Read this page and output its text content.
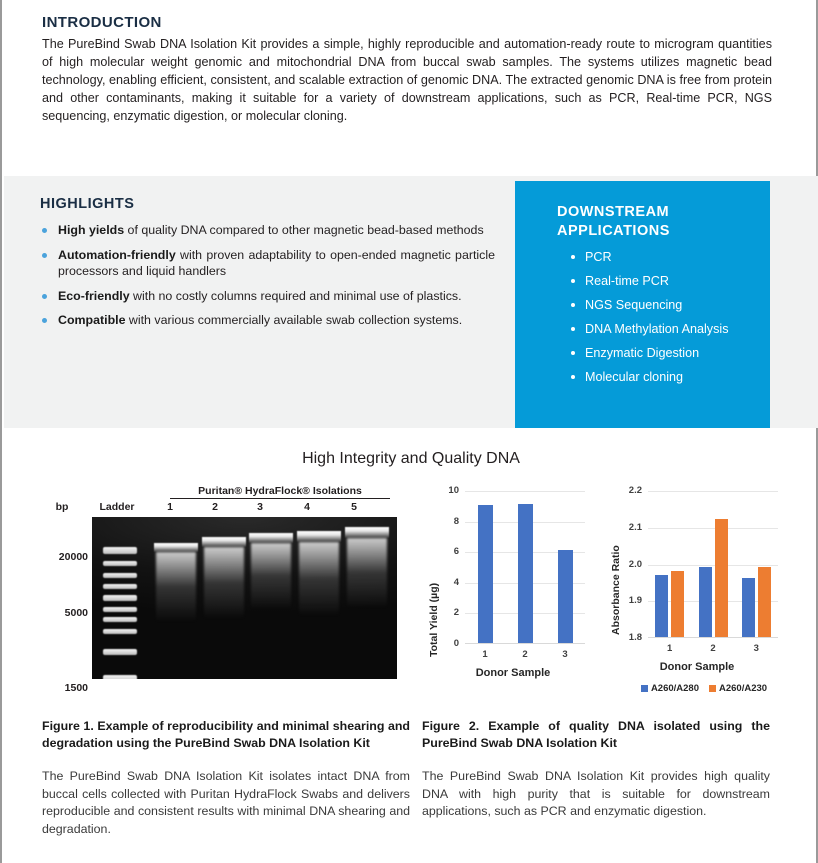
INTRODUCTION

The PureBind Swab DNA Isolation Kit provides a simple, highly reproducible and automation-ready route to microgram quantities of high molecular weight genomic and mitochondrial DNA from buccal swab samples. The systems utilizes magnetic bead technology, enabling efficient, consistent, and scalable extraction of genomic DNA. The extracted genomic DNA is free from protein and other contaminants, making it suitable for a variety of downstream applications, such as PCR, Real-time PCR, NGS sequencing, enzymatic digestion, or molecular cloning.

HIGHLIGHTS
High yields of quality DNA compared to other magnetic bead-based methods
Automation-friendly with proven adaptability to open-ended magnetic particle processors and liquid handlers
Eco-friendly with no costly columns required and minimal use of plastics.
Compatible with various commercially available swab collection systems.
DOWNSTREAM
APPLICATIONS
PCR
Real-time PCR
NGS Sequencing
DNA Methylation Analysis
Enzymatic Digestion
Molecular cloning
High Integrity and Quality DNA
Puritan® HydraFlock® Isolations
bp	Ladder	1	2	3	4	5
20000
5000
1500
Total Yield (µg)
10
8
6
4
2
0
1	2	3
Donor Sample
Absorbance Ratio
2.2
2.1
2.0
1.9
1.8
1	2	3
Donor Sample
A260/A280 A260/A230

Figure 1. Example of reproducibility and minimal shearing and degradation using the PureBind Swab DNA Isolation Kit

The PureBind Swab DNA Isolation Kit isolates intact DNA from buccal cells collected with Puritan HydraFlock Swabs and delivers reproducible and consistent results with minimal DNA shearing and degradation.

Figure 2. Example of quality DNA isolated using the PureBind Swab DNA Isolation Kit

The PureBind Swab DNA Isolation Kit provides high quality DNA with high purity that is suitable for downstream applications, such as PCR and enzymatic digestion.
